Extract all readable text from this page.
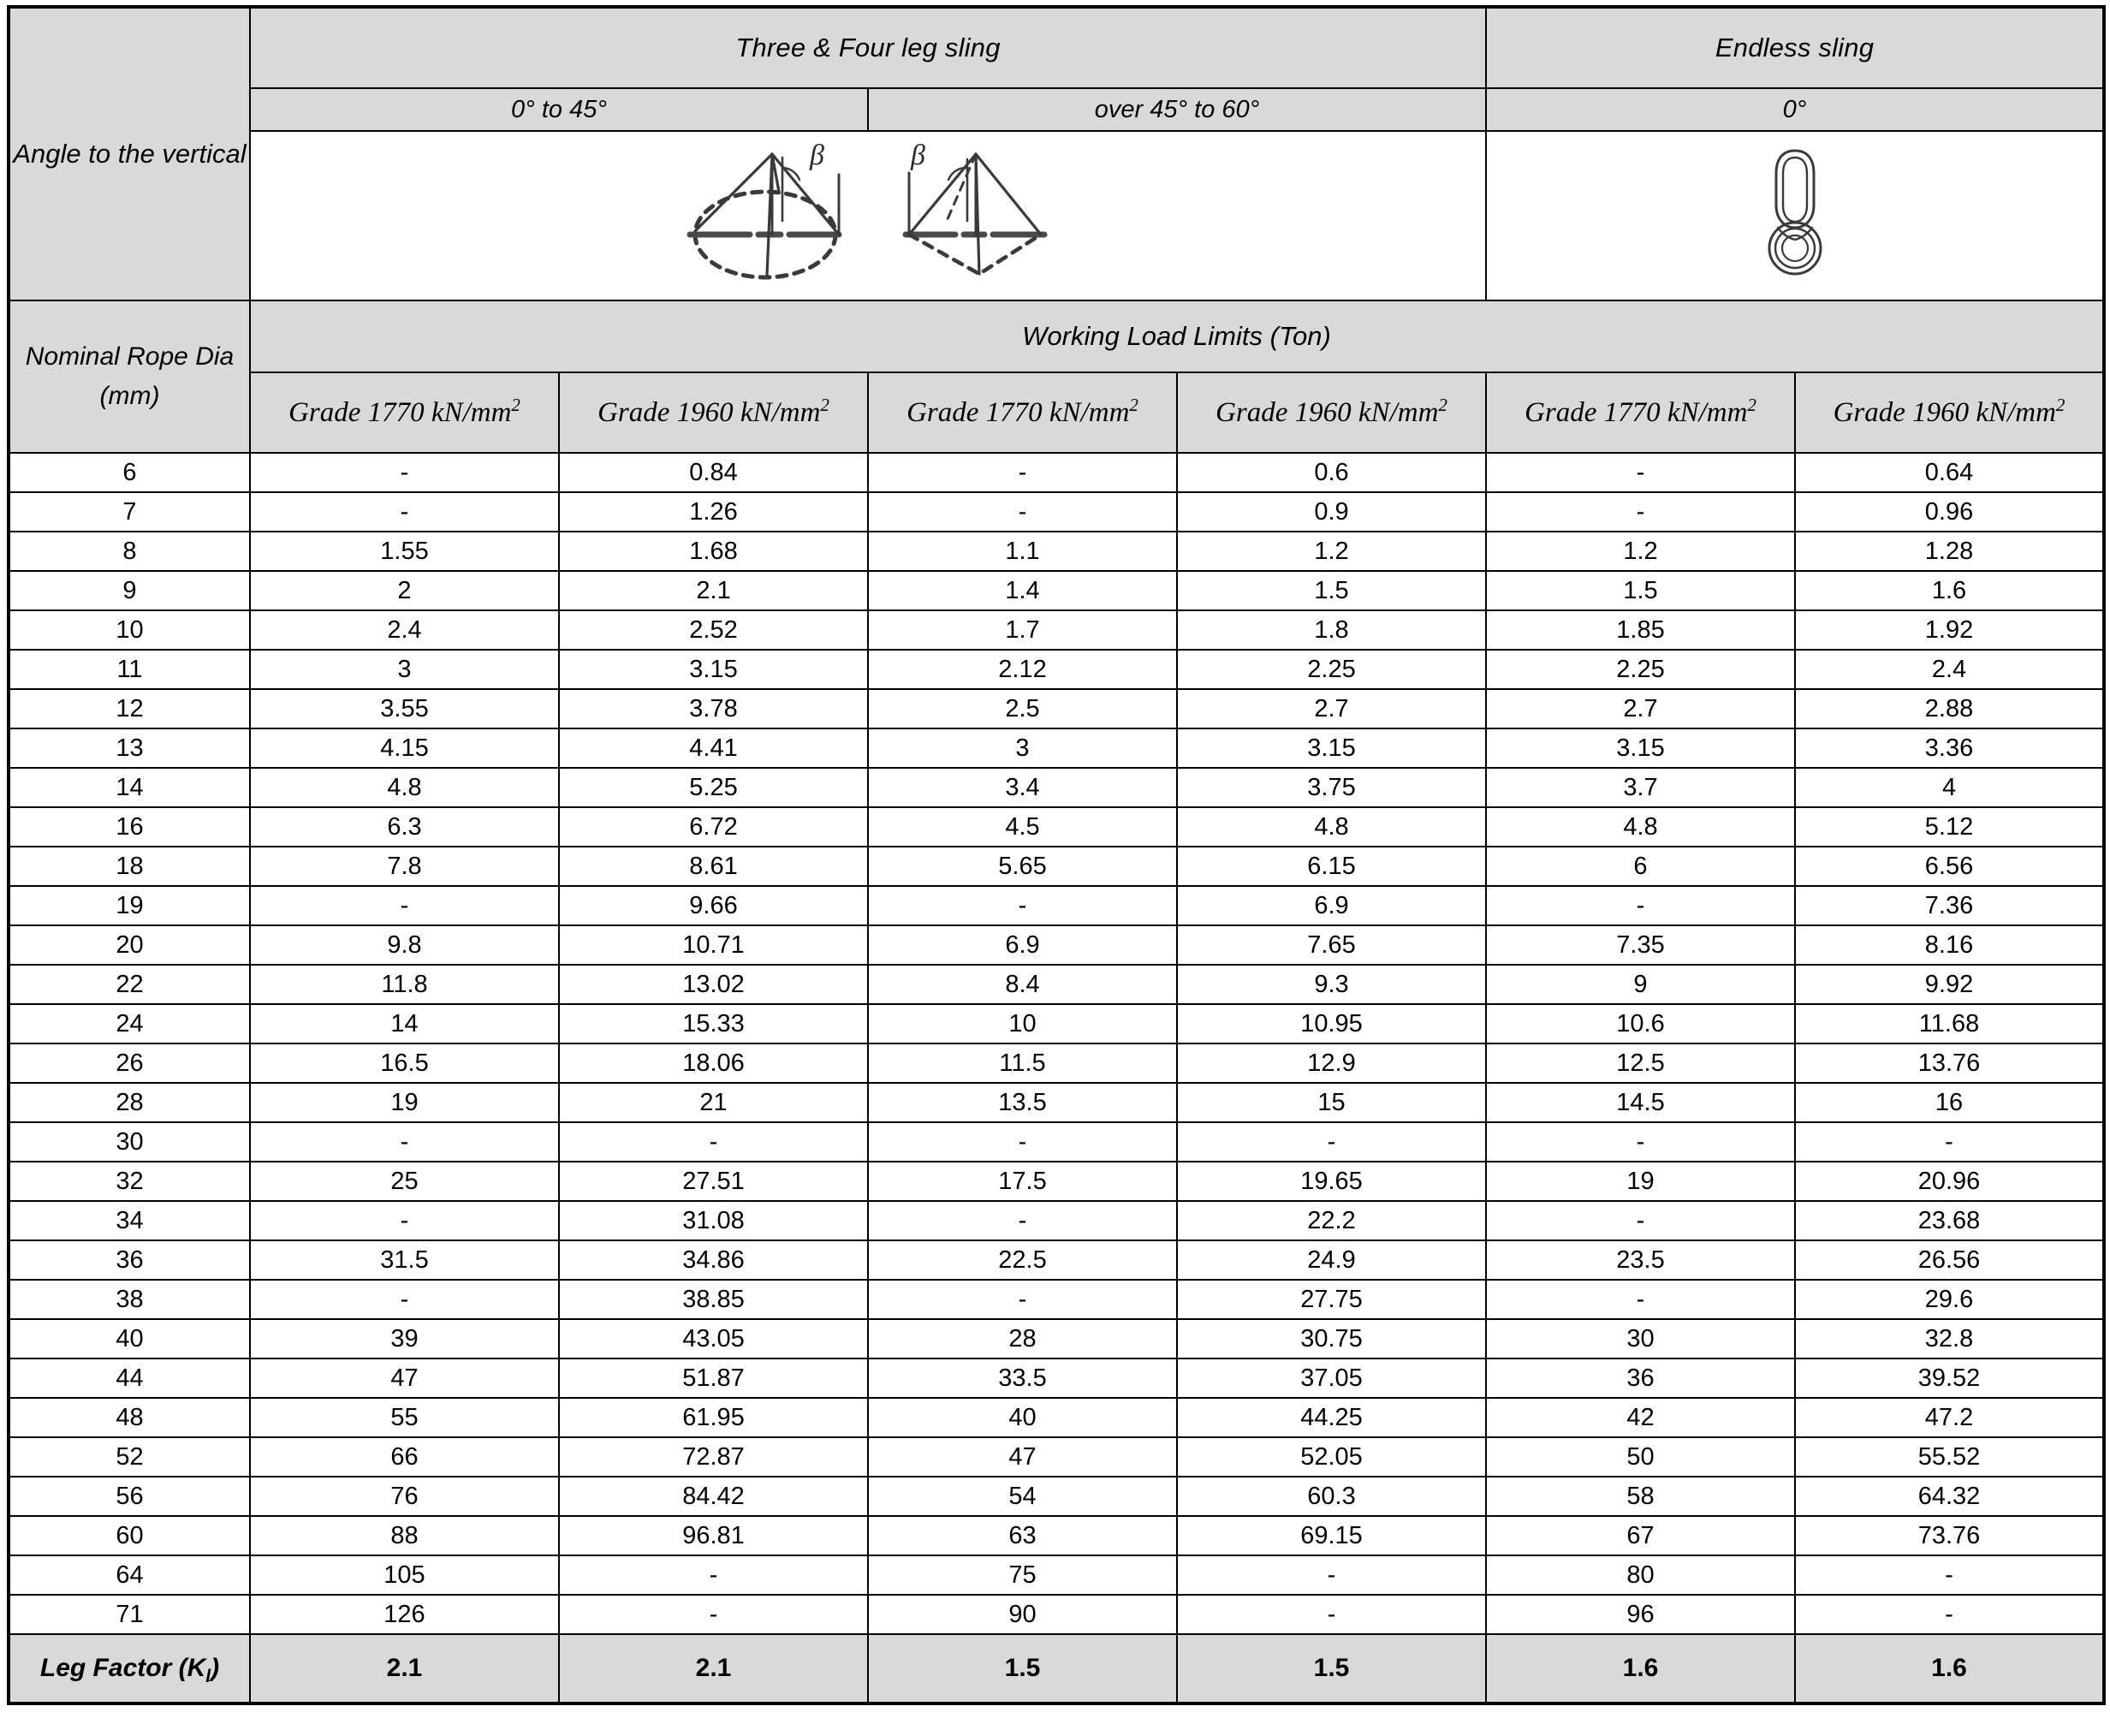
Angle to the vertical	Three & Four leg sling				Endless sling	
	0° to 45°		over 45° to 60°		0°	

β β

Nominal Rope Dia
(mm)	Working Load Limits (Ton)					
	Grade 1770 $kN/mm^2$	Grade 1960 $kN/mm^2$	Grade 1770 $kN/mm^2$	Grade 1960 $kN/mm^2$	Grade 1770 $kN/mm^2$	Grade 1960 $kN/mm^2$
6	-	0.84	-	0.6	-	0.64
7	-	1.26	-	0.9	-	0.96
8	1.55	1.68	1.1	1.2	1.2	1.28
9	2	2.1	1.4	1.5	1.5	1.6
10	2.4	2.52	1.7	1.8	1.85	1.92
11	3	3.15	2.12	2.25	2.25	2.4
12	3.55	3.78	2.5	2.7	2.7	2.88
13	4.15	4.41	3	3.15	3.15	3.36
14	4.8	5.25	3.4	3.75	3.7	4
16	6.3	6.72	4.5	4.8	4.8	5.12
18	7.8	8.61	5.65	6.15	6	6.56
19	-	9.66	-	6.9	-	7.36
20	9.8	10.71	6.9	7.65	7.35	8.16
22	11.8	13.02	8.4	9.3	9	9.92
24	14	15.33	10	10.95	10.6	11.68
26	16.5	18.06	11.5	12.9	12.5	13.76
28	19	21	13.5	15	14.5	16
30	-	-	-	-	-	-
32	25	27.51	17.5	19.65	19	20.96
34	-	31.08	-	22.2	-	23.68
36	31.5	34.86	22.5	24.9	23.5	26.56
38	-	38.85	-	27.75	-	29.6
40	39	43.05	28	30.75	30	32.8
44	47	51.87	33.5	37.05	36	39.52
48	55	61.95	40	44.25	42	47.2
52	66	72.87	47	52.05	50	55.52
56	76	84.42	54	60.3	58	64.32
60	88	96.81	63	69.15	67	73.76
64	105	-	75	-	80	-
71	126	-	90	-	96	-
Leg Factor $(K_l)$	2.1	2.1	1.5	1.5	1.6	1.6
